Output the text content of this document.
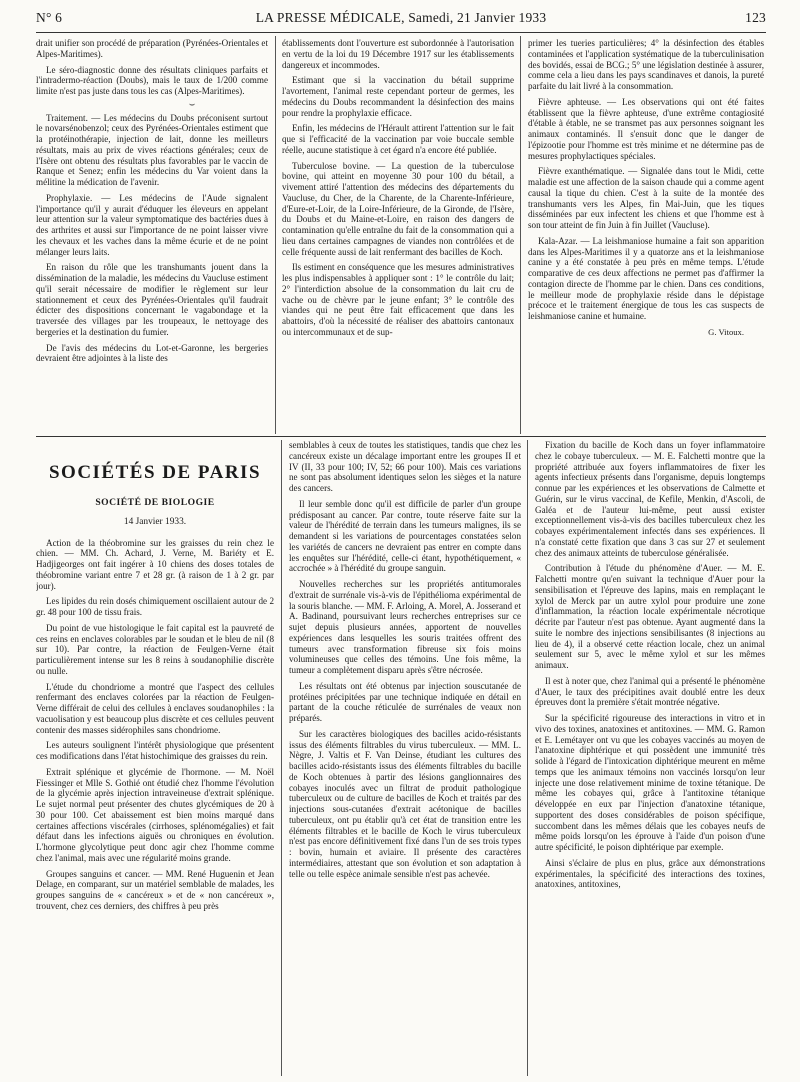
N° 6	LA PRESSE MÉDICALE, Samedi, 21 Janvier 1933	123

drait unifier son procédé de préparation (Pyrénées-Orientales et Alpes-Maritimes).

Le séro-diagnostic donne des résultats cliniques parfaits et l'intradermo-réaction (Doubs), mais le taux de 1/200 comme limite n'est pas juste dans tous les cas (Alpes-Maritimes).

⌣

Traitement. — Les médecins du Doubs préconisent surtout le novarsénobenzol; ceux des Pyrénées-Orientales estiment que la protéinothérapie, injection de lait, donne les meilleurs résultats, mais au prix de vives réactions générales; ceux de l'Isère ont obtenu des résultats plus favorables par le vaccin de Ranque et Senez; enfin les médecins du Var voient dans la mélitine la médication de l'avenir.

Prophylaxie. — Les médecins de l'Aude signalent l'importance qu'il y aurait d'éduquer les éleveurs en appelant leur attention sur la valeur symptomatique des bactéries dues à des arthrites et aussi sur l'importance de ne point laisser vivre les chevaux et les vaches dans la même écurie et de ne point mélanger leurs laits.

En raison du rôle que les transhumants jouent dans la dissémination de la maladie, les médecins du Vaucluse estiment qu'il serait nécessaire de modifier le règlement sur leur stationnement et ceux des Pyrénées-Orientales qu'il faudrait édicter des dispositions concernant le vagabondage et la traversée des villages par les troupeaux, le nettoyage des bergeries et la destination du fumier.

De l'avis des médecins du Lot-et-Garonne, les bergeries devraient être adjointes à la liste des

établissements dont l'ouverture est subordonnée à l'autorisation en vertu de la loi du 19 Décembre 1917 sur les établissements dangereux et incommodes.

Estimant que si la vaccination du bétail supprime l'avortement, l'animal reste cependant porteur de germes, les médecins du Doubs recommandent la désinfection des mains pour rendre la prophylaxie efficace.

Enfin, les médecins de l'Hérault attirent l'attention sur le fait que si l'efficacité de la vaccination par voie buccale semble réelle, aucune statistique à cet égard n'a encore été publiée.

Tuberculose bovine. — La question de la tuberculose bovine, qui atteint en moyenne 30 pour 100 du bétail, a vivement attiré l'attention des médecins des départements du Vaucluse, du Cher, de la Charente, de la Charente-Inférieure, d'Eure-et-Loir, de la Loire-Inférieure, de la Gironde, de l'Isère, du Doubs et du Maine-et-Loire, en raison des dangers de contamination qu'elle entraîne du fait de la consommation qui a lieu dans certaines campagnes de viandes non contrôlées et de celle fréquente aussi de lait renfermant des bacilles de Koch.

Ils estiment en conséquence que les mesures administratives les plus indispensables à appliquer sont : 1° le contrôle du lait; 2° l'interdiction absolue de la consommation du lait cru de vache ou de chèvre par le jeune enfant; 3° le contrôle des viandes qui ne peut être fait efficacement que dans les abattoirs, d'où la nécessité de réaliser des abattoirs cantonaux ou intercommunaux et de sup-

primer les tueries particulières; 4° la désinfection des étables contaminées et l'application systématique de la tuberculinisation des bovidés, essai de BCG.; 5° une législation destinée à assurer, comme cela a lieu dans les pays scandinaves et danois, la pureté parfaite du lait livré à la consommation.

Fièvre aphteuse. — Les observations qui ont été faites établissent que la fièvre aphteuse, d'une extrême contagiosité d'étable à étable, ne se transmet pas aux personnes soignant les animaux contaminés. Il s'ensuit donc que le danger de l'épizootie pour l'homme est très minime et ne détermine pas de mesures prophylactiques spéciales.

Fièvre exanthématique. — Signalée dans tout le Midi, cette maladie est une affection de la saison chaude qui a comme agent causal la tique du chien. C'est à la suite de la montée des transhumants vers les Alpes, fin Mai-Juin, que les tiques disséminées par eux infectent les chiens et que l'homme est à son tour atteint de fin Juin à fin Juillet (Vaucluse).

Kala-Azar. — La leishmaniose humaine a fait son apparition dans les Alpes-Maritimes il y a quatorze ans et la leishmaniose canine y a été constatée à peu près en même temps. L'étude comparative de ces deux affections ne permet pas d'affirmer la contagion directe de l'homme par le chien. Dans ces conditions, le meilleur mode de prophylaxie réside dans le dépistage précoce et le traitement énergique de tous les cas suspects de leishmaniose canine et humaine.

G. Vitoux.
SOCIÉTÉS DE PARIS
SOCIÉTÉ DE BIOLOGIE
14 Janvier 1933.

Action de la théobromine sur les graisses du rein chez le chien. — MM. Ch. Achard, J. Verne, M. Bariéty et E. Hadjigeorges ont fait ingérer à 10 chiens des doses totales de théobromine variant entre 7 et 28 gr. (à raison de 1 à 2 gr. par jour).

Les lipides du rein dosés chimiquement oscillaient autour de 2 gr. 48 pour 100 de tissu frais.

Du point de vue histologique le fait capital est la pauvreté de ces reins en enclaves colorables par le soudan et le bleu de nil (8 sur 10). Par contre, la réaction de Feulgen-Verne était particulièrement intense sur les 8 reins à soudanophilie discrète ou nulle.

L'étude du chondriome a montré que l'aspect des cellules renfermant des enclaves colorées par la réaction de Feulgen-Verne différait de celui des cellules à enclaves soudanophiles : la vacuolisation y est beaucoup plus discrète et ces cellules peuvent contenir des masses sidérophiles sans chondriome.

Les auteurs soulignent l'intérêt physiologique que présentent ces modifications dans l'état histochimique des graisses du rein.

Extrait splénique et glycémie de l'hormone. — M. Noël Fiessinger et Mlle S. Gothié ont étudié chez l'homme l'évolution de la glycémie après injection intraveineuse d'extrait splénique. Le sujet normal peut présenter des chutes glycémiques de 20 à 30 pour 100. Cet abaissement est bien moins marqué dans certaines affections viscérales (cirrhoses, splénomégalies) et fait défaut dans les infections aiguës ou chroniques en évolution. L'hormone glycolytique peut donc agir chez l'homme comme chez l'animal, mais avec une régularité moins grande.

Groupes sanguins et cancer. — MM. René Huguenin et Jean Delage, en comparant, sur un matériel semblable de malades, les groupes sanguins de « cancéreux » et de « non cancéreux », trouvent, chez ces derniers, des chiffres à peu près

semblables à ceux de toutes les statistiques, tandis que chez les cancéreux existe un décalage important entre les groupes II et IV (II, 33 pour 100; IV, 52; 66 pour 100). Mais ces variations ne sont pas absolument identiques selon les sièges et la nature des cancers.

Il leur semble donc qu'il est difficile de parler d'un groupe prédisposant au cancer. Par contre, toute réserve faite sur la valeur de l'hérédité de terrain dans les tumeurs malignes, ils se demandent si les variations de pourcentages constatées selon les variétés de cancers ne devraient pas entrer en compte dans les enquêtes sur l'hérédité, celle-ci étant, hypothétiquement, « accrochée » à l'hérédité du groupe sanguin.

Nouvelles recherches sur les propriétés antitumorales d'extrait de surrénale vis-à-vis de l'épithélioma expérimental de la souris blanche. — MM. F. Arloing, A. Morel, A. Josserand et A. Badinand, poursuivant leurs recherches entreprises sur ce sujet depuis plusieurs années, apportent de nouvelles expériences dans lesquelles les souris traitées offrent des tumeurs avec transformation fibreuse six fois moins volumineuses que celles des témoins. Une fois même, la tumeur a complètement disparu après s'être nécrosée.

Les résultats ont été obtenus par injection souscutanée de protéines précipitées par une technique indiquée en détail en partant de la couche réticulée de surrénales de veaux non préparés.

Sur les caractères biologiques des bacilles acido-résistants issus des éléments filtrables du virus tuberculeux. — MM. L. Nègre, J. Valtis et F. Van Deinse, étudiant les cultures des bacilles acido-résistants issus des éléments filtrables du bacille de Koch obtenues à partir des lésions ganglionnaires des cobayes inoculés avec un filtrat de produit pathologique tuberculeux ou de culture de bacilles de Koch et traités par des injections sous-cutanées d'extrait acétonique de bacilles tuberculeux, ont pu établir qu'à cet état de transition entre les éléments filtrables et le bacille de Koch le virus tuberculeux n'est pas encore définitivement fixé dans l'un de ses trois types : bovin, humain et aviaire. Il présente des caractères intermédiaires, attestant que son évolution et son adaptation à telle ou telle espèce animale sensible n'est pas achevée.

Fixation du bacille de Koch dans un foyer inflammatoire chez le cobaye tuberculeux. — M. E. Falchetti montre que la propriété attribuée aux foyers inflammatoires de fixer les agents infectieux présents dans l'organisme, depuis longtemps connue par les expériences et les observations de Calmette et Guérin, sur le virus vaccinal, de Kefile, Menkin, d'Ascoli, de Galéa et de l'auteur lui-même, peut aussi exister exceptionnellement vis-à-vis des bacilles tuberculeux chez les cobayes expérimentalement infectés dans ses expériences. Il n'a constaté cette fixation que dans 3 cas sur 27 et seulement chez des animaux atteints de tuberculose généralisée.

Contribution à l'étude du phénomène d'Auer. — M. E. Falchetti montre qu'en suivant la technique d'Auer pour la sensibilisation et l'épreuve des lapins, mais en remplaçant le xylol de Merck par un autre xylol pour produire une zone d'inflammation, la réaction locale expérimentale nécrotique décrite par l'auteur n'est pas obtenue. Ayant augmenté dans la suite le nombre des injections sensibilisantes (8 injections au lieu de 4), il a observé cette réaction locale, chez un animal seulement sur 5, avec le même xylol et sur les mêmes animaux.

Il est à noter que, chez l'animal qui a présenté le phénomène d'Auer, le taux des précipitines avait doublé entre les deux épreuves dont la première s'était montrée négative.

Sur la spécificité rigoureuse des interactions in vitro et in vivo des toxines, anatoxines et antitoxines. — MM. G. Ramon et E. Lemétayer ont vu que les cobayes vaccinés au moyen de l'anatoxine diphtérique et qui possèdent une immunité très solide à l'égard de l'intoxication diphtérique meurent en même temps que les animaux témoins non vaccinés lorsqu'on leur injecte une dose relativement minime de toxine tétanique. De même les cobayes qui, grâce à l'antitoxine tétanique développée en eux par l'injection d'anatoxine tétanique, supportent des doses considérables de poison spécifique, succombent dans les mêmes délais que les cobayes neufs de même poids lorsqu'on les éprouve à l'aide d'un poison d'une autre spécificité, le poison diphtérique par exemple.

Ainsi s'éclaire de plus en plus, grâce aux démonstrations expérimentales, la spécificité des interactions des toxines, anatoxines, antitoxines,
